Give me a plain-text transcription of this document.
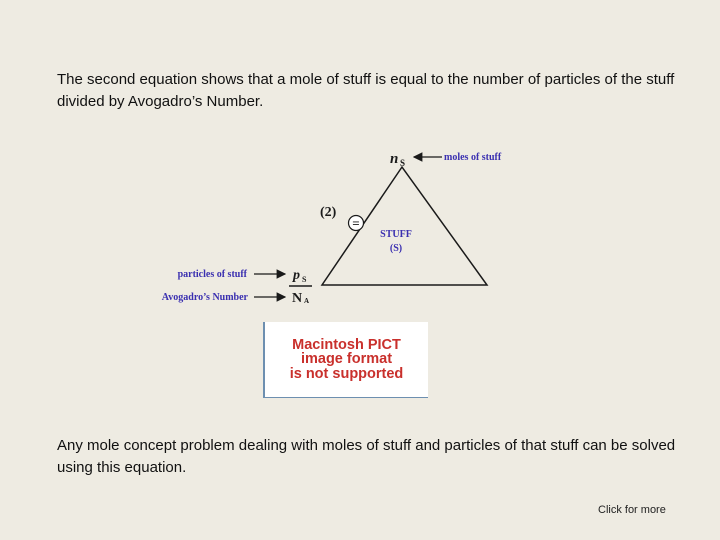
The second equation shows that a mole of stuff is equal to the number of particles of the stuff divided by Avogadro’s Number.
n S	moles of stuff
(2)
=
STUFF
(S)
p S
N A
particles of stuff
Avogadro’s Number
Macintosh PICT
image format
is not supported
Any mole concept problem dealing with moles of stuff and particles of that stuff can be solved using this equation.
Click for more
